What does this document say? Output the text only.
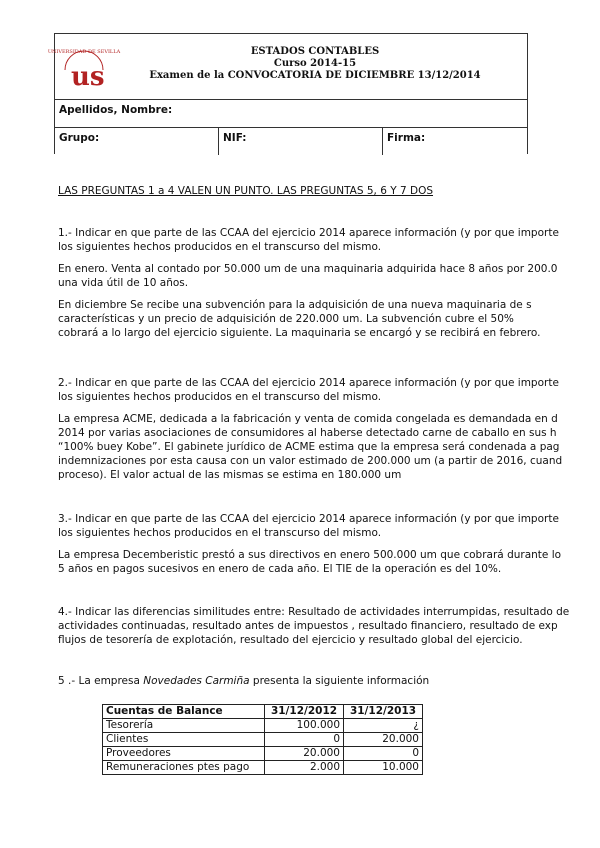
UNIVERSIDAD DE SEVILLA
us
ESTADOS CONTABLES
Curso 2014-15
Examen de la CONVOCATORIA DE DICIEMBRE 13/12/2014
Apellidos, Nombre:
Grupo:	NIF:	Firma:
LAS PREGUNTAS 1 a 4 VALEN UN PUNTO. LAS PREGUNTAS 5, 6 Y 7 DOS
1.- Indicar en que parte de las CCAA del ejercicio 2014 aparece información (y por que importe
los siguientes hechos producidos en el transcurso del mismo.
En enero. Venta al contado por 50.000 um de una maquinaria adquirida hace 8 años por 200.0
una vida útil de 10 años.
En diciembre Se recibe una subvención para la adquisición de una nueva maquinaria de s
características y un precio de adquisición de 220.000 um. La subvención cubre el 50%
cobrará a lo largo del ejercicio siguiente. La maquinaria se encargó y se recibirá en febrero.
2.- Indicar en que parte de las CCAA del ejercicio 2014 aparece información (y por que importe
los siguientes hechos producidos en el transcurso del mismo.
La empresa ACME, dedicada a la fabricación y venta de comida congelada es demandada en d
2014 por varias asociaciones de consumidores al haberse detectado carne de caballo en sus h
“100% buey Kobe”. El gabinete jurídico de ACME estima que la empresa será condenada a pag
indemnizaciones por esta causa con un valor estimado de 200.000 um (a partir de 2016, cuand
proceso). El valor actual de las mismas se estima en 180.000 um
3.- Indicar en que parte de las CCAA del ejercicio 2014 aparece información (y por que importe
los siguientes hechos producidos en el transcurso del mismo.
La empresa Decemberistic prestó a sus directivos en enero 500.000 um que cobrará durante lo
5 años en pagos sucesivos en enero de cada año. El TIE de la operación es del 10%.
4.- Indicar las diferencias similitudes entre: Resultado de actividades interrumpidas, resultado de
actividades continuadas, resultado antes de impuestos , resultado financiero, resultado de exp
flujos de tesorería de explotación, resultado del ejercicio y resultado global del ejercicio.
5 .- La empresa Novedades Carmiña presenta la siguiente información
Cuentas de Balance	31/12/2012	31/12/2013
Tesorería	100.000	¿
Clientes	0	20.000
Proveedores	20.000	0
Remuneraciones ptes pago	2.000	10.000
